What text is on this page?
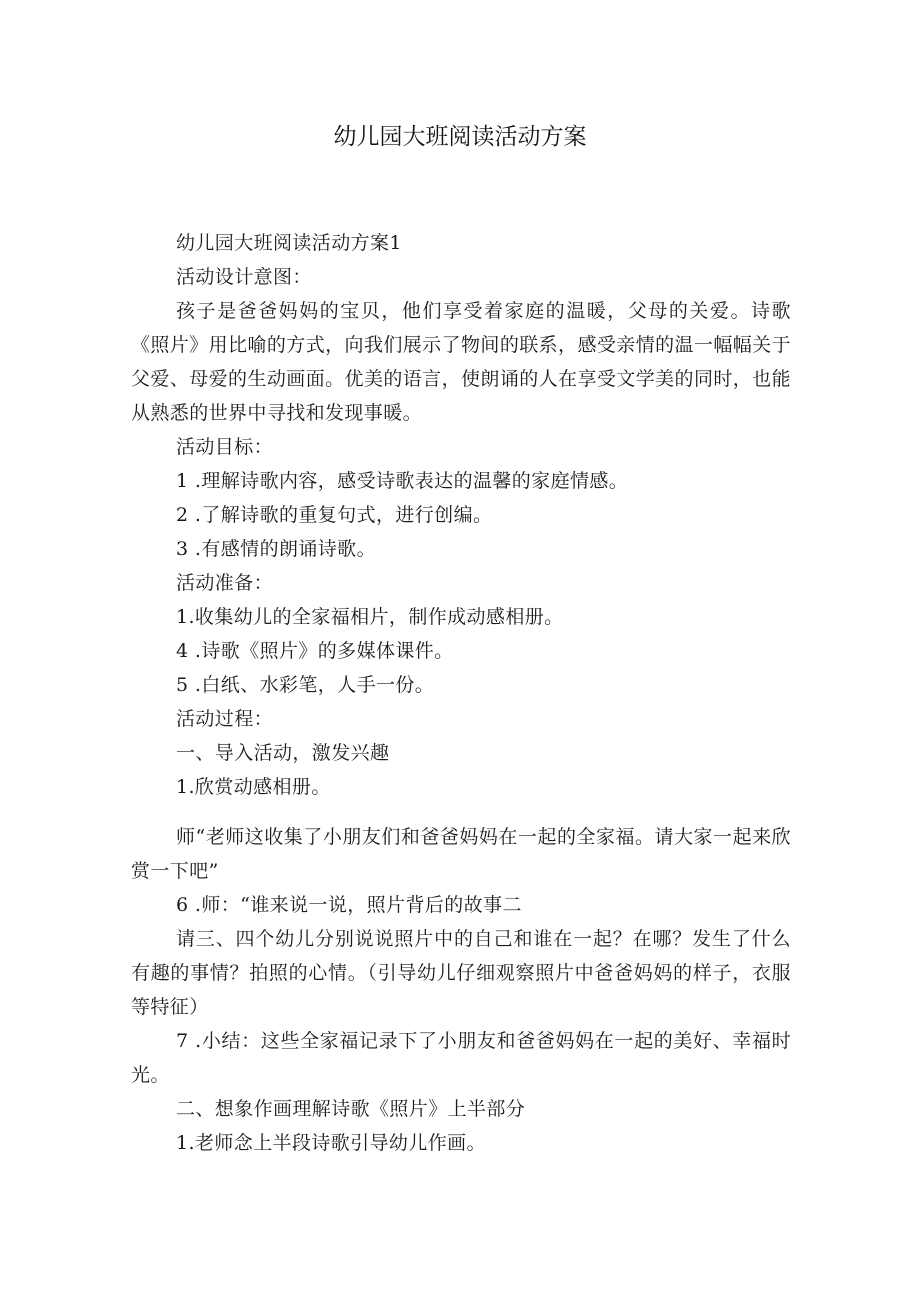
幼儿园大班阅读活动方案

幼儿园大班阅读活动方案1

活动设计意图：

孩子是爸爸妈妈的宝贝，他们享受着家庭的温暖，父母的关爱。诗歌《照片》用比喻的方式，向我们展示了物间的联系，感受亲情的温一幅幅关于父爱、母爱的生动画面。优美的语言，使朗诵的人在享受文学美的同时，也能从熟悉的世界中寻找和发现事暖。

活动目标：

1 .理解诗歌内容，感受诗歌表达的温馨的家庭情感。

2 .了解诗歌的重复句式，进行创编。

3 .有感情的朗诵诗歌。

活动准备：

1.收集幼儿的全家福相片，制作成动感相册。

4 .诗歌《照片》的多媒体课件。

5 .白纸、水彩笔，人手一份。

活动过程：

一、导入活动，激发兴趣

1.欣赏动感相册。

师“老师这收集了小朋友们和爸爸妈妈在一起的全家福。请大家一起来欣赏一下吧”

6 .师：“谁来说一说，照片背后的故事二

请三、四个幼儿分别说说照片中的自己和谁在一起？在哪？发生了什么有趣的事情？拍照的心情。（引导幼儿仔细观察照片中爸爸妈妈的样子，衣服等特征）

7 .小结：这些全家福记录下了小朋友和爸爸妈妈在一起的美好、幸福时光。

二、想象作画理解诗歌《照片》上半部分

1.老师念上半段诗歌引导幼儿作画。
